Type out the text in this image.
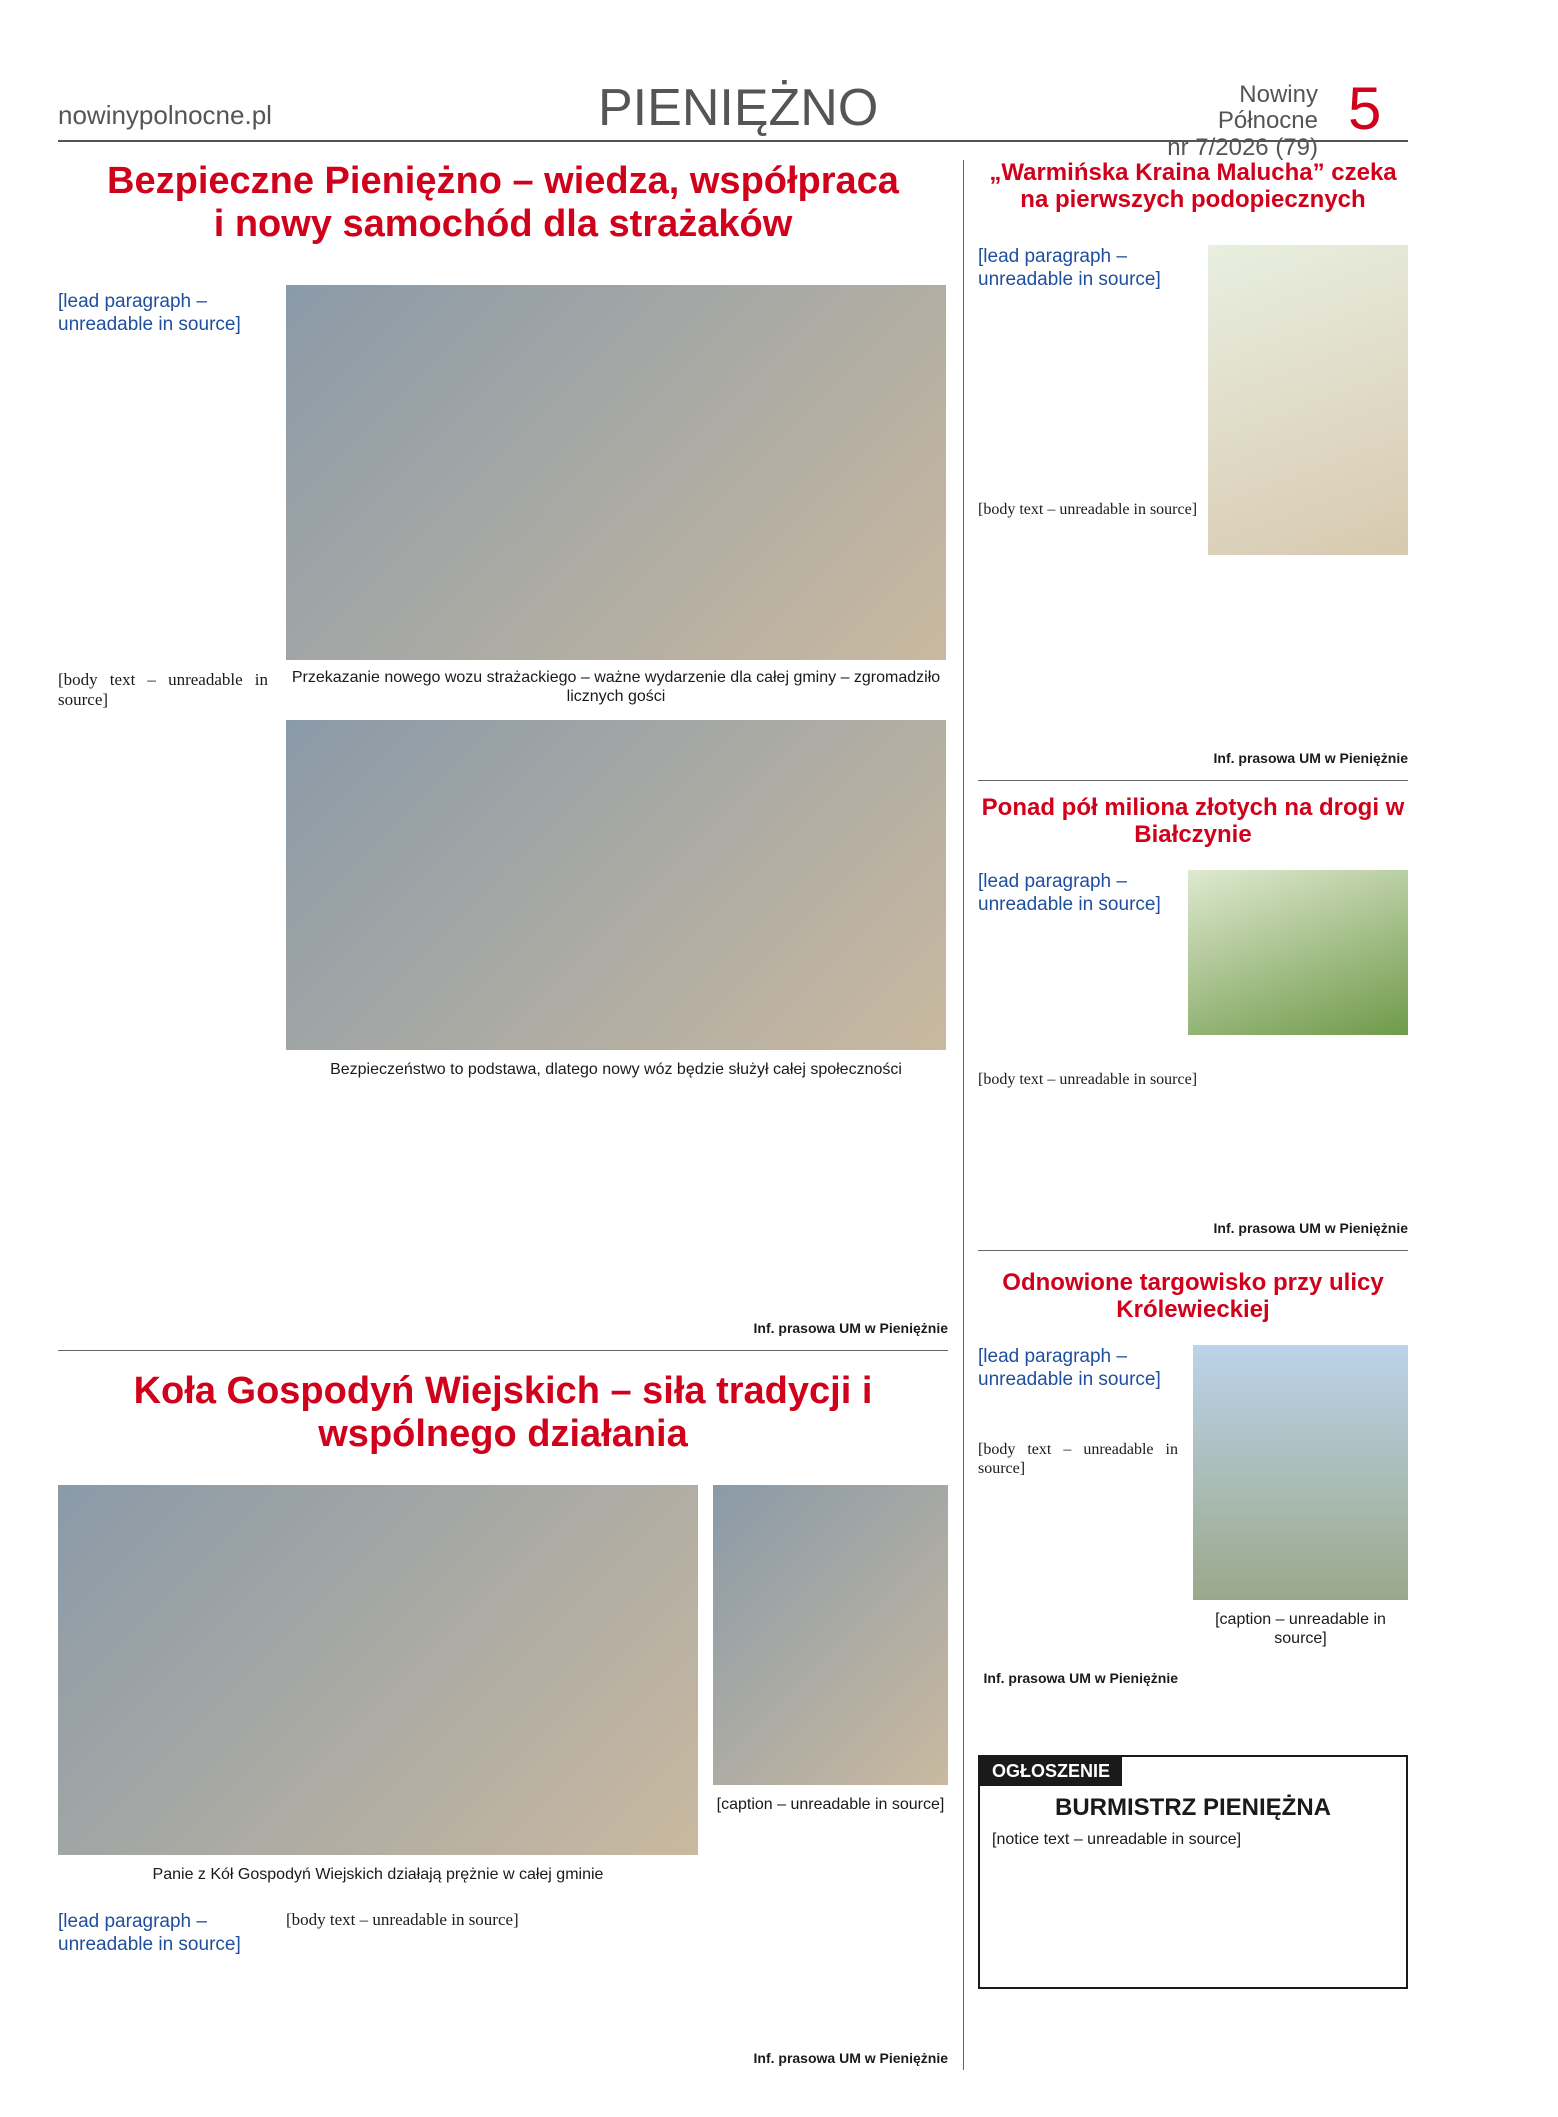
nowinypolnocne.pl	PIENIĘŻNO	Nowiny Północne
nr 7/2026 (79)
5
Bezpieczne Pieniężno – wiedza, współpraca i nowy samochód dla strażaków
[lead paragraph – unreadable in source]
Przekazanie nowego wozu strażackiego – ważne wydarzenie dla całej gminy – zgromadziło licznych gości
Bezpieczeństwo to podstawa, dlatego nowy wóz będzie służył całej społeczności
[body text – unreadable in source]
Inf. prasowa UM w Pieniężnie
Koła Gospodyń Wiejskich – siła tradycji i wspólnego działania
Panie z Kół Gospodyń Wiejskich działają prężnie w całej gminie
[caption – unreadable in source]
[lead paragraph – unreadable in source]
[body text – unreadable in source]
Inf. prasowa UM w Pieniężnie
„Warmińska Kraina Malucha” czeka na pierwszych podopiecznych
[lead paragraph – unreadable in source]
[body text – unreadable in source]
Inf. prasowa UM w Pieniężnie
Ponad pół miliona złotych na drogi w Białczynie
[lead paragraph – unreadable in source]
[body text – unreadable in source]
Inf. prasowa UM w Pieniężnie
Odnowione targowisko przy ulicy Królewieckiej
[lead paragraph – unreadable in source]
[body text – unreadable in source]
[caption – unreadable in source]
Inf. prasowa UM w Pieniężnie
OGŁOSZENIE
BURMISTRZ PIENIĘŻNA
[notice text – unreadable in source]
